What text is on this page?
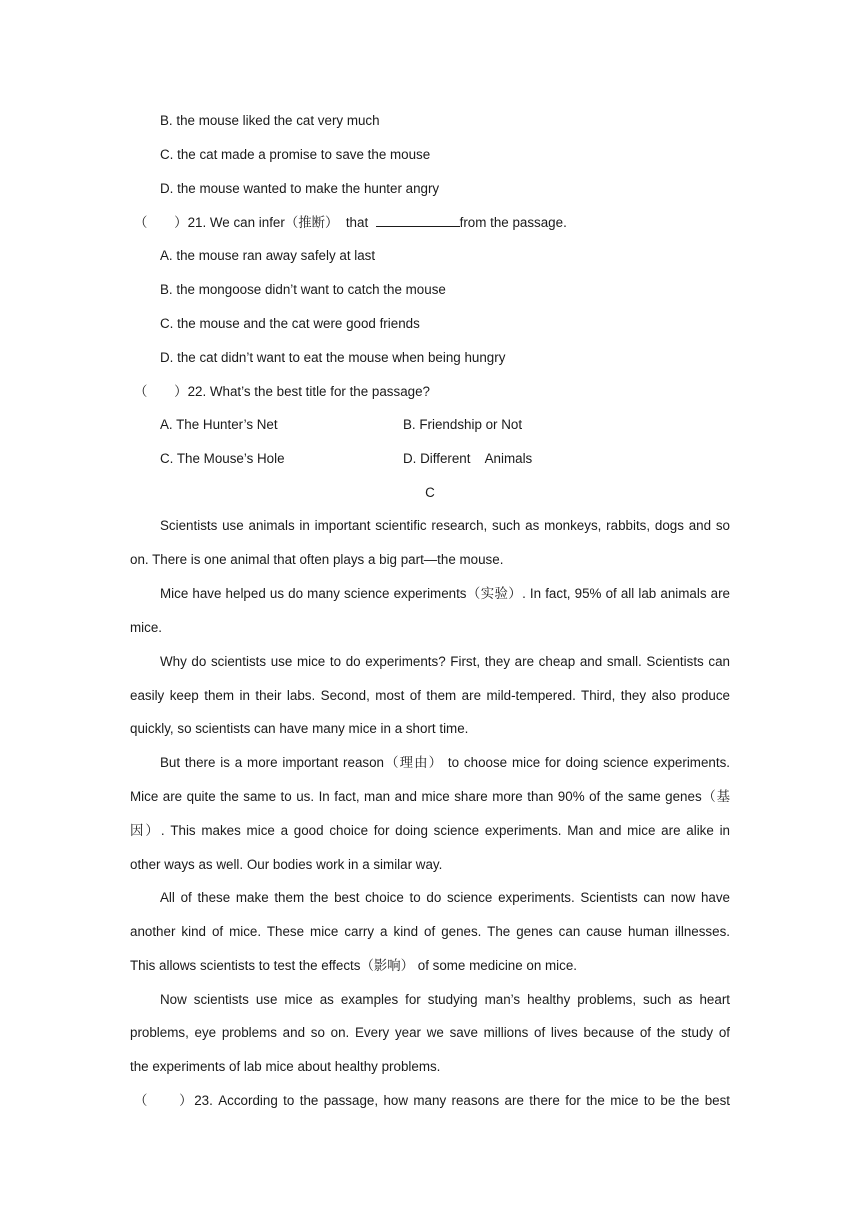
B. the mouse liked the cat very much
C. the cat made a promise to save the mouse
D. the mouse wanted to make the hunter angry
（　　）21. We can infer（推断）  that	from the passage.
A. the mouse ran away safely at last
B. the mongoose didn’t want to catch the mouse
C. the mouse and the cat were good friends
D. the cat didn’t want to eat the mouse when being hungry
（　　）22. What’s the best title for the passage?
A. The Hunter’s Net	B. Friendship or Not
C. The Mouse’s Hole	D. Different    Animals
C
Scientists use animals in important scientific research, such as monkeys, rabbits, dogs and so
on. There is one animal that often plays a big part—the mouse.
Mice have helped us do many science experiments（实验）. In fact, 95% of all lab animals are
mice.
Why do scientists use mice to do experiments? First, they are cheap and small. Scientists can
easily keep them in their labs. Second, most of them are mild-tempered. Third, they also produce
quickly, so scientists can have many mice in a short time.
But there is a more important reason（理由） to choose mice for doing science experiments.
Mice are quite the same to us. In fact, man and mice share more than 90% of the same genes（基
因）. This makes mice a good choice for doing science experiments. Man and mice are alike in
other ways as well. Our bodies work in a similar way.
All of these make them the best choice to do science experiments. Scientists can now have
another kind of mice. These mice carry a kind of genes. The genes can cause human illnesses.
This allows scientists to test the effects（影响） of some medicine on mice.
Now scientists use mice as examples for studying man’s healthy problems, such as heart
problems, eye problems and so on. Every year we save millions of lives because of the study of
the experiments of lab mice about healthy problems.
（　　）23. According to the passage, how many reasons are there for the mice to be the best
